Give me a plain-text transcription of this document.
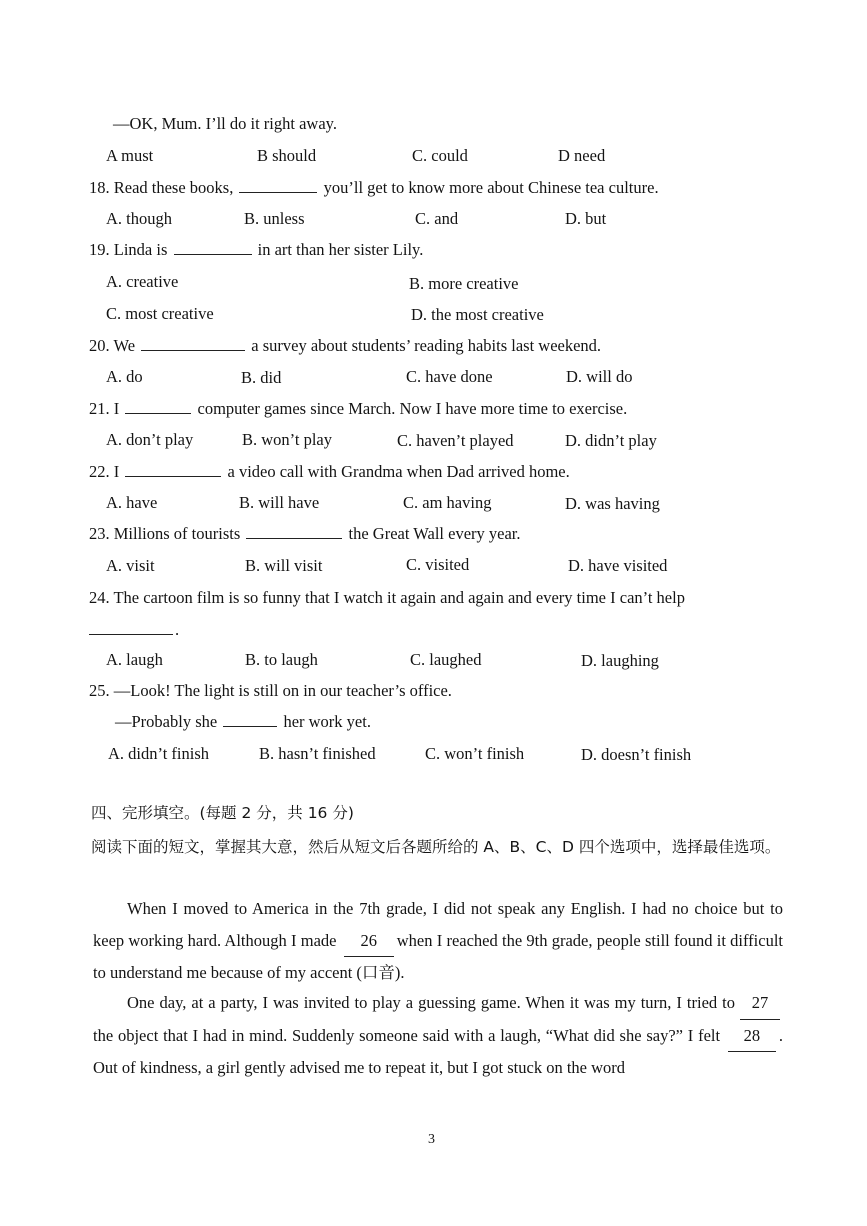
—OK, Mum. I’ll do it right away.
A must	B should	C. could	D need
18. Read these books,	you’ll get to know more about Chinese tea culture.
A. though	B. unless	C. and	D. but
19. Linda is	in art than her sister Lily.
A. creative	B. more creative
C. most creative	D. the most creative
20. We	a survey about students’ reading habits last weekend.
A. do	B. did	C. have done	D. will do
21. I	computer games since March. Now I have more time to exercise.
A. don’t play	B. won’t play	C. haven’t played	D. didn’t play
22. I	a video call with Grandma when Dad arrived home.
A. have	B. will have	C. am having	D. was having
23. Millions of tourists	the Great Wall every year.
A. visit	B. will visit	C. visited	D. have visited
24. The cartoon film is so funny that I watch it again and again and every time I can’t help
.
A. laugh	B. to laugh	C. laughed	D. laughing
25. —Look! The light is still on in our teacher’s office.
—Probably she	her work yet.
A. didn’t finish	B. hasn’t finished	C. won’t finish	D. doesn’t finish
四、完形填空。(每题 2 分，共 16 分)
阅读下面的短文，掌握其大意，然后从短文后各题所给的 A、B、C、D 四个选项中，选择最佳选项。
When I moved to America in the 7th grade, I did not speak any English. I had no choice but to keep working hard. Although I made 26 when I reached the 9th grade, people still found it difficult to understand me because of my accent (口音).
One day, at a party, I was invited to play a guessing game. When it was my turn, I tried to 27the object that I had in mind. Suddenly someone said with a laugh, “What did she say?” I felt 28 . Out of kindness, a girl gently advised me to repeat it, but I got stuck on the word
3
